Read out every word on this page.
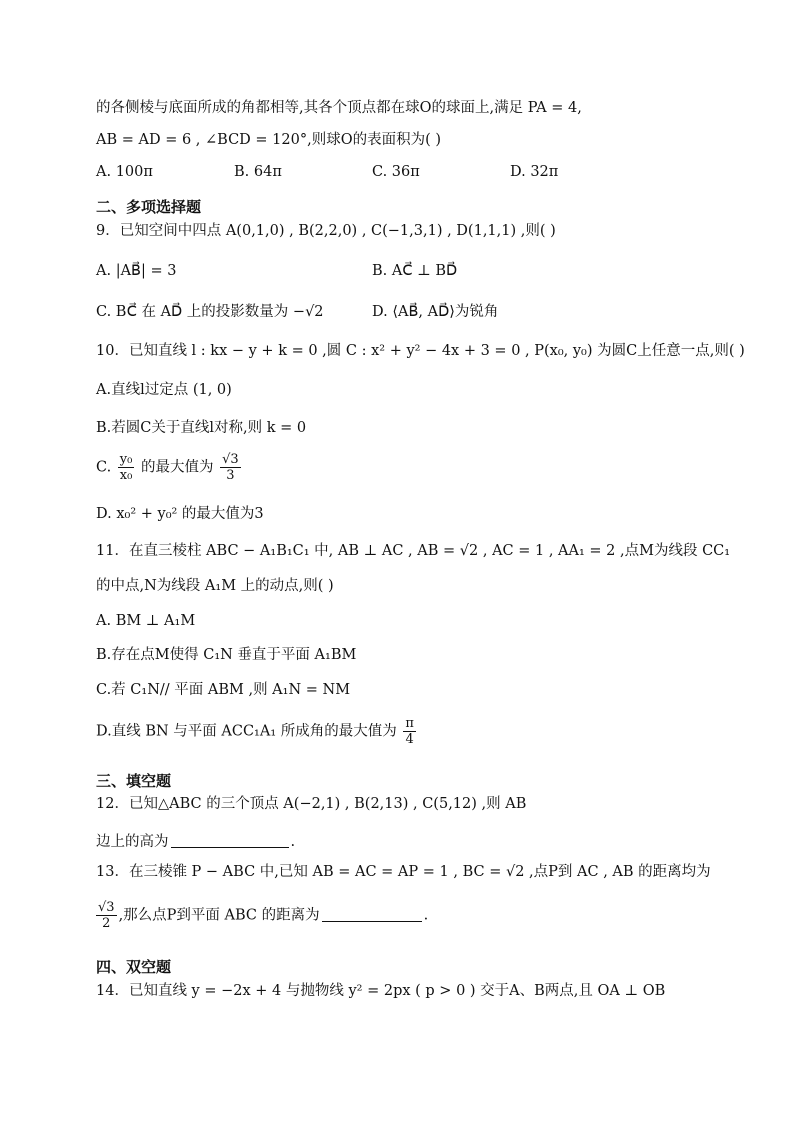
的各侧棱与底面所成的角都相等,其各个顶点都在球O的球面上,满足 PA = 4,
AB = AD = 6 , ∠BCD = 120°,则球O的表面积为( )
A. 100π	B. 64π	C. 36π	D. 32π
二、多项选择题
9．已知空间中四点 A(0,1,0) , B(2,2,0) , C(−1,3,1) , D(1,1,1) ,则( )
A. |AB⃗| = 3	B. AC⃗ ⊥ BD⃗
C. BC⃗ 在 AD⃗ 上的投影数量为 −√2	D. ⟨AB⃗, AD⃗⟩为锐角
10．已知直线 l : kx − y + k = 0 ,圆 C : x² + y² − 4x + 3 = 0 , P(x₀, y₀) 为圆C上任意一点,则( )
A.直线l过定点 (1, 0)
B.若圆C关于直线l对称,则 k = 0
C. $\frac{\text{y₀}}{\text{x₀}}$ 的最大值为 $\frac{√3}{3}$
D. x₀² + y₀² 的最大值为3
11．在直三棱柱 ABC − A₁B₁C₁ 中, AB ⊥ AC , AB = √2 , AC = 1 , AA₁ = 2 ,点M为线段 CC₁
的中点,N为线段 A₁M 上的动点,则( )
A. BM ⊥ A₁M
B.存在点M使得 C₁N 垂直于平面 A₁BM
C.若 C₁N// 平面 ABM ,则 A₁N = NM
D.直线 BN 与平面 ACC₁A₁ 所成角的最大值为 $\frac{\pi}{4}$
三、填空题
12．已知△ABC 的三个顶点 A(−2,1) , B(2,13) , C(5,12) ,则 AB
边上的高为	.
13．在三棱锥 P − ABC 中,已知 AB = AC = AP = 1 , BC = √2 ,点P到 AC , AB 的距离均为
$\frac{√3}{2}$ ,那么点P到平面 ABC 的距离为	.
四、双空题
14．已知直线 y = −2x + 4 与抛物线 y² = 2px ( p > 0 ) 交于A、B两点,且 OA ⊥ OB
